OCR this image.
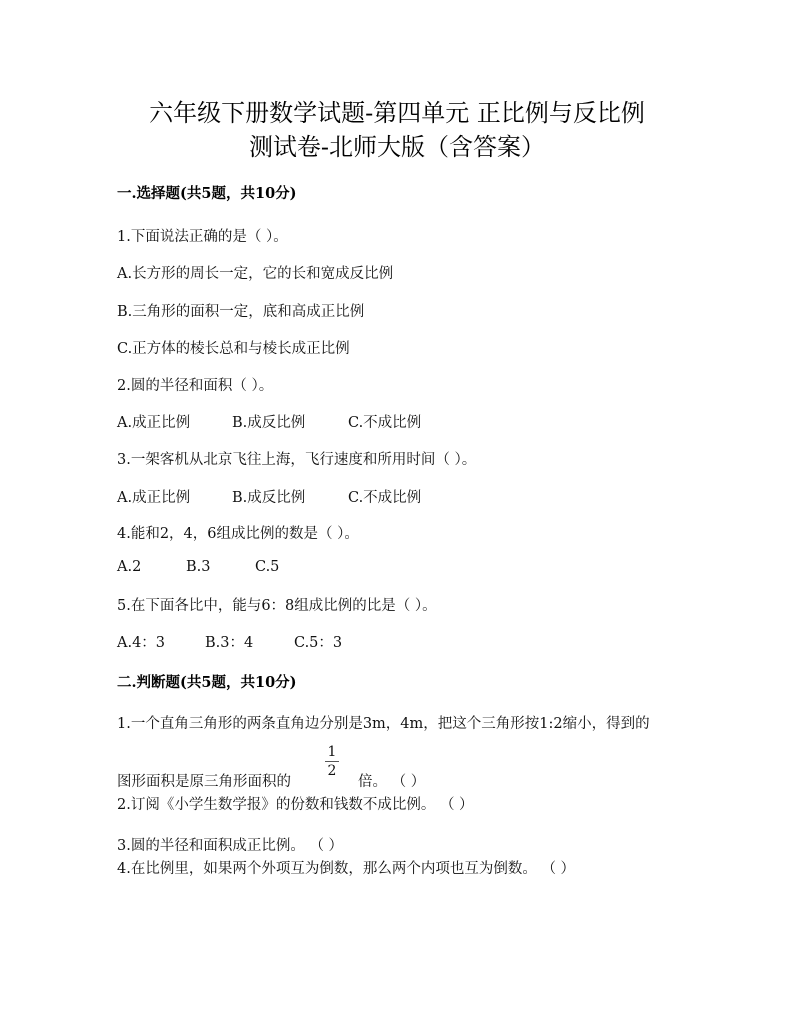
六年级下册数学试题-第四单元 正比例与反比例
测试卷-北师大版（含答案）
一.选择题(共5题，共10分)
1.下面说法正确的是（ ）。
A.长方形的周长一定，它的长和宽成反比例
B.三角形的面积一定，底和高成正比例
C.正方体的棱长总和与棱长成正比例
2.圆的半径和面积（ ）。
A.成正比例	B.成反比例	C.不成比例
3.一架客机从北京飞往上海，飞行速度和所用时间（ ）。
A.成正比例	B.成反比例	C.不成比例
4.能和2，4，6组成比例的数是（ ）。
A.2	B.3	C.5
5.在下面各比中，能与6：8组成比例的比是（ ）。
A.4：3	B.3：4	C.5：3
二.判断题(共5题，共10分)
1.一个直角三角形的两条直角边分别是3m，4m，把这个三角形按1:2缩小，得到的
1
2
图形面积是原三角形面积的	倍。 （ ）
2.订阅《小学生数学报》的份数和钱数不成比例。 （ ）
3.圆的半径和面积成正比例。 （ ）
4.在比例里，如果两个外项互为倒数，那么两个内项也互为倒数。 （ ）
